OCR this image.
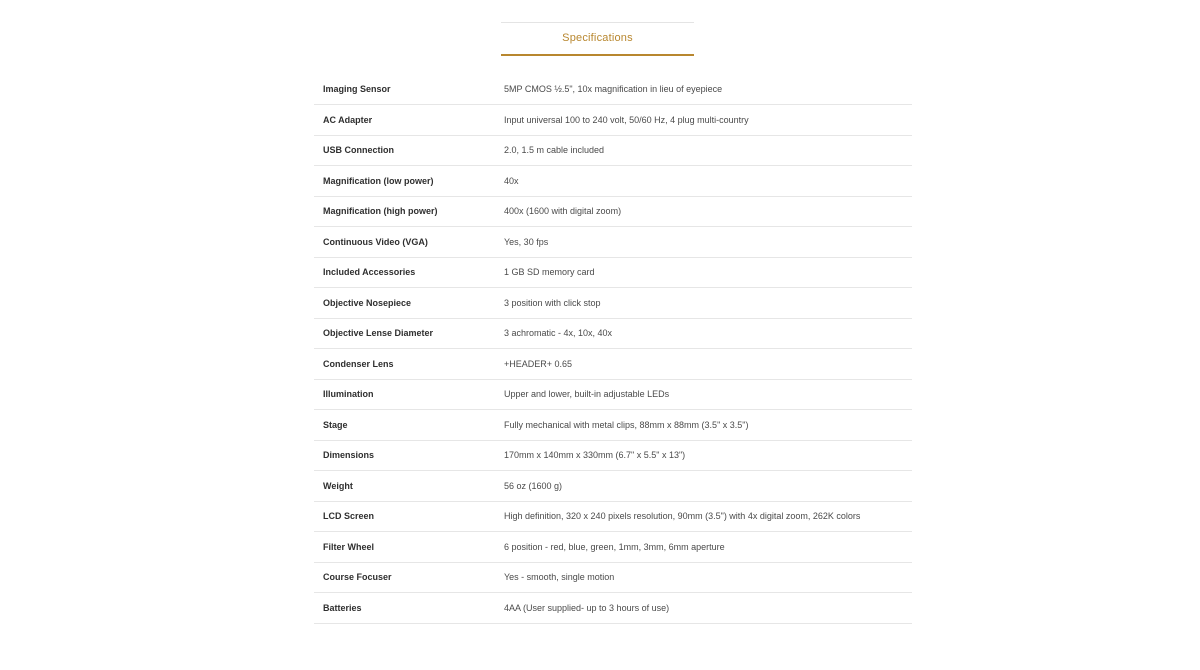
Specifications
Imaging Sensor	5MP CMOS ½.5", 10x magnification in lieu of eyepiece
AC Adapter	Input universal 100 to 240 volt, 50/60 Hz, 4 plug multi-country
USB Connection	2.0, 1.5 m cable included
Magnification (low power)	40x
Magnification (high power)	400x (1600 with digital zoom)
Continuous Video (VGA)	Yes, 30 fps
Included Accessories	1 GB SD memory card
Objective Nosepiece	3 position with click stop
Objective Lense Diameter	3 achromatic - 4x, 10x, 40x
Condenser Lens	+HEADER+ 0.65
Illumination	Upper and lower, built-in adjustable LEDs
Stage	Fully mechanical with metal clips, 88mm x 88mm (3.5" x 3.5")
Dimensions	170mm x 140mm x 330mm (6.7" x 5.5" x 13")
Weight	56 oz (1600 g)
LCD Screen	High definition, 320 x 240 pixels resolution, 90mm (3.5") with 4x digital zoom, 262K colors
Filter Wheel	6 position - red, blue, green, 1mm, 3mm, 6mm aperture
Course Focuser	Yes - smooth, single motion
Batteries	4AA (User supplied- up to 3 hours of use)
